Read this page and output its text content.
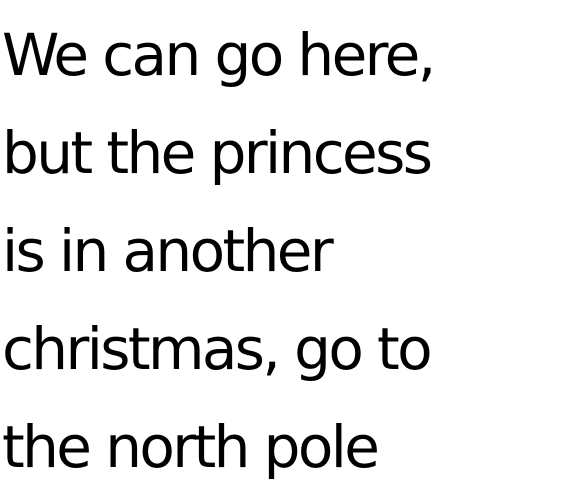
We can go here,
but the princess
is in another
christmas, go to
the north pole
